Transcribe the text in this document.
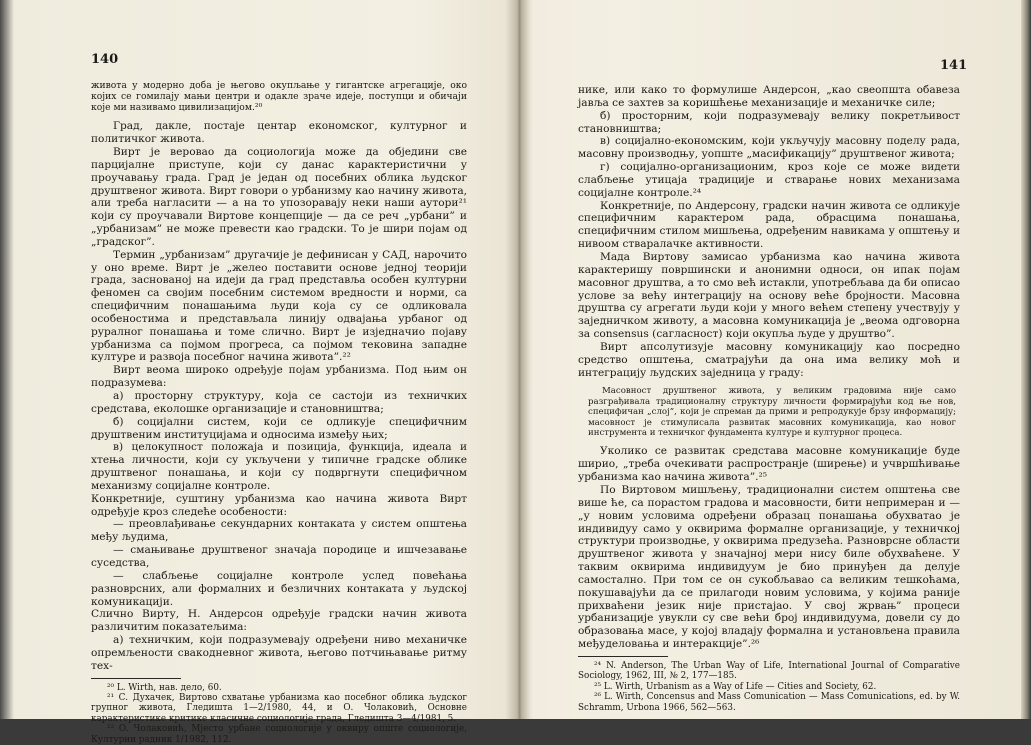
140

живота у модерно доба је његово окупљање у гигантске агрегације, око којих се гомилају мањи центри и одакле зраче идеје, поступци и обичаји које ми називамо цивилизацијом.²⁰

Град, дакле, постаје центар економског, културног и политичког живота.

Вирт је веровао да социологија може да обједини све парцијалне приступе, који су данас карактеристични у проучавању града. Град је један од посебних облика људског друштвеног живота. Вирт говори о урбанизму као начину живота, али треба нагласити — а на то упозоравају неки наши аутори²¹ који су проучавали Виртове концепције — да се реч „урбани” и „урбанизам” не може превести као градски. То је шири појам од „градског”.

Термин „урбанизам” другачије је дефинисан у САД, нарочито у оно време. Вирт је „желео поставити основе једној теорији града, заснованој на идеји да град представља особен културни феномен са својим посебним системом вредности и норми, са специфичним понашањима људи која су се одликовала особеностима и представљала линију одвајања урбаног од руралног понашања и томе слично. Вирт је изједначио појаву урбанизма са појмом прогреса, са појмом тековина западне културе и развоја посебног начина живота”.²²

Вирт веома широко одређује појам урбанизма. Под њим он подразумева:

а) просторну структуру, која се састоји из техничких средстава, еколошке организације и становништва;

б) социјални систем, који се одликује специфичним друштвеним институцијама и односима између њих;

в) целокупност положаја и позиција, функција, идеала и хтења личности, који су укључени у типичне градске облике друштвеног понашања, и који су подвргнути специфичном механизму социјалне контроле.

Конкретније, суштину урбанизма као начина живота Вирт одређује кроз следеће особености:

— преовлађивање секундарних контаката у систем општења међу људима,

— смањивање друштвеног значаја породице и ишчезавање суседства,

— слабљење социјалне контроле услед повећања разноврсних, али формалних и безличних контаката у људској комуникацији.

Слично Вирту, Н. Андерсон одређује градски начин живота различитим показатељима:

а) техничким, који подразумевају одређени ниво механичке опремљености свакодневног живота, његово потчињавање ритму тех-

²⁰ L. Wirth, нав. дело, 60.

²¹ С. Духачек, Виртово схватање урбанизма као посебног облика људског групног живота, Гледишта 1—2/1980, 44, и О. Чолаковић, Основне карактеристике критике класичне социологије града, Гледишта 3—4/1981, 5.

²² О. Чолаковић, Мјесто урбане социологије у оквиру опште социологије, Културни радник 1/1982, 112.

141

нике, или како то формулише Андерсон, „као свеопшта обавеза јавља се захтев за коришћење механизације и механичке силе;

б) просторним, који подразумевају велику покретљивост становништва;

в) социјално-економским, који укључују масовну поделу рада, масовну производњу, уопште „масификацију” друштвеног живота;

г) социјално-организационим, кроз које се може видети слабљење утицаја традиције и стварање нових механизама социјалне контроле.²⁴

Конкретније, по Андерсону, градски начин живота се одликује специфичним карактером рада, обрасцима понашања, специфичним стилом мишљења, одређеним навикама у општењу и нивоом стваралачке активности.

Мада Виртову замисао урбанизма као начина живота карактеришу површински и анонимни односи, он ипак појам масовног друштва, а то смо већ истакли, употребљава да би описао услове за већу интеграцију на основу веће бројности. Масовна друштва су агрегати људи који у много већем степену учествују у заједничком животу, а масовна комуникација је „веома одговорна за consensus (сагласност) који окупља људе у друштво”.

Вирт апсолутизује масовну комуникацију као посредно средство општења, сматрајући да она има велику моћ и интеграцију људских заједница у граду:

Масовност друштвеног живота, у великим градовима није само разграђивала традиционалну структуру личности формирајући код ње нов, специфичан „слој”, који је спреман да прими и репродукује брзу информацију; масовност је стимулисала развитак масовних комуникација, као новог инструмента и техничког фундамента културе и културног процеса.

Уколико се развитак средстава масовне комуникације буде ширио, „треба очекивати распространје (ширење) и учвршћивање урбанизма као начина живота”.²⁵

По Виртовом мишљењу, традиционални систем општења све више ће, са порастом градова и масовности, бити непримеран и — „у новим условима одређени образац понашања обухватао је индивидуу само у оквирима формалне организације, у техничкој структури производње, у оквирима предузећа. Разноврсне области друштвеног живота у значајној мери нису биле обухваћене. У таквим оквирима индивидуум је био принуђен да делује самостално. При том се он сукобљавао са великим тешкоћама, покушавајући да се прилагоди новим условима, у којима раније прихваћени језик није пристајао. У свој жрвањ” процеси урбанизације увукли су све већи број индивидуума, довели су до образовања масе, у којој владају формална и установљена правила међуделовања и интеракције”.²⁶

²⁴ N. Anderson, The Urban Way of Life, International Journal of Comparative Sociology, 1962, III, № 2, 177—185.

²⁵ L. Wirth, Urbanism as a Way of Life — Cities and Society, 62.

²⁶ L. Wirth, Concensus and Mass Comunication — Mass Comunications, ed. by W. Schramm, Urbona 1966, 562—563.
